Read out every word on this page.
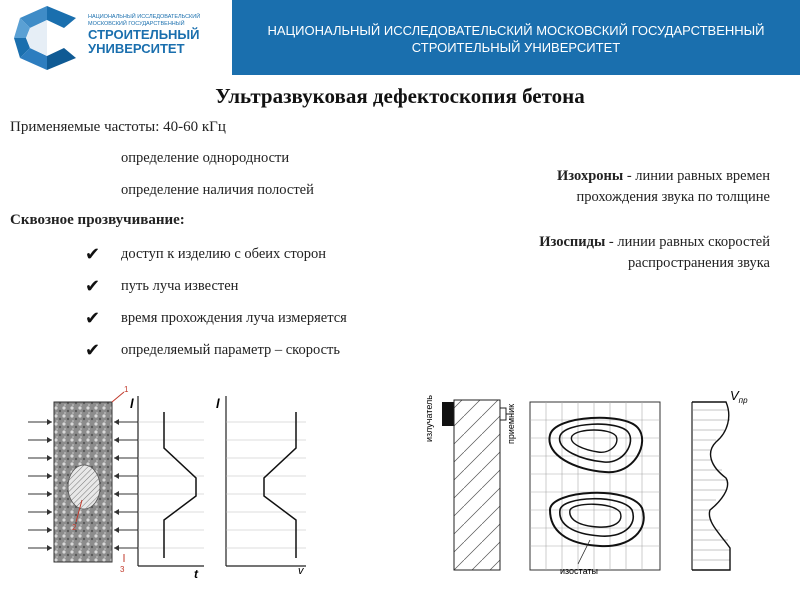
НАЦИОНАЛЬНЫЙ ИССЛЕДОВАТЕЛЬСКИЙ МОСКОВСКИЙ ГОСУДАРСТВЕННЫЙ
СТРОИТЕЛЬНЫЙ УНИВЕРСИТЕТ
НАЦИОНАЛЬНЫЙ ИССЛЕДОВАТЕЛЬСКИЙ
МОСКОВСКИЙ ГОСУДАРСТВЕННЫЙ
СТРОИТЕЛЬНЫЙ
УНИВЕРСИТЕТ
Ультразвуковая дефектоскопия бетона
Применяемые частоты: 40-60 кГц
определение однородности
определение наличия полостей
Сквозное прозвучивание:
✔	доступ к изделию с обеих сторон
✔	путь луча известен
✔	время прохождения луча измеряется
✔	определяемый параметр – скорость
Изохроны - линии равных времен
прохождения звука по толщине
Изоспиды - линии равных скоростей
распространения звука
1
2
3
l
t
l
v
излучатель	приемник
изостаты
$V_{пр}$
